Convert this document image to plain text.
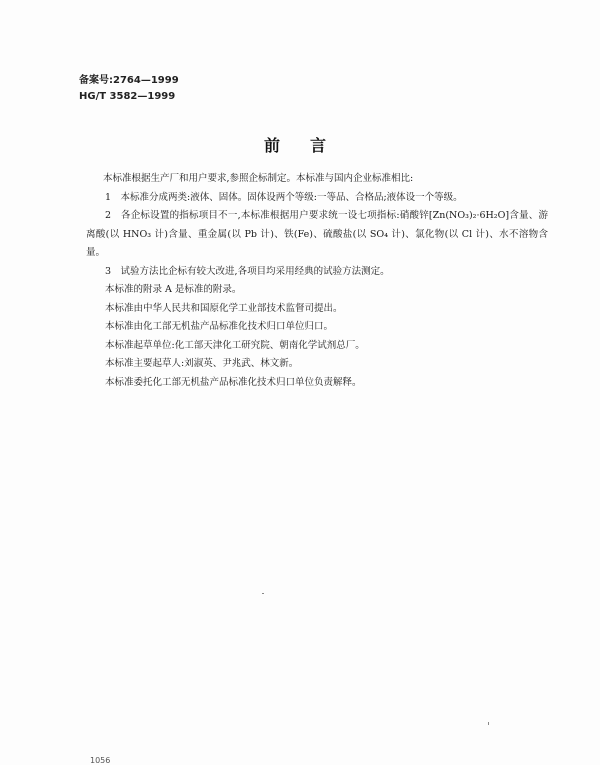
备案号:2764—1999
HG/T 3582—1999
前言

本标准根据生产厂和用户要求,参照企标制定。本标准与国内企业标准相比:

1　本标准分成两类:液体、固体。固体设两个等级:一等品、合格品;液体设一个等级。

2　各企标设置的指标项目不一,本标准根据用户要求统一设七项指标:硝酸锌[Zn(NO₃)₂·6H₂O]含量、游离酸(以 HNO₃ 计)含量、重金属(以 Pb 计)、铁(Fe)、硫酸盐(以 SO₄ 计)、氯化物(以 Cl 计)、水不溶物含量。

3　试验方法比企标有较大改进,各项目均采用经典的试验方法测定。

本标准的附录 A 是标准的附录。

本标准由中华人民共和国原化学工业部技术监督司提出。

本标准由化工部无机盐产品标准化技术归口单位归口。

本标准起草单位:化工部天津化工研究院、朝南化学试剂总厂。

本标准主要起草人:刘淑英、尹兆武、林文新。

本标准委托化工部无机盐产品标准化技术归口单位负责解释。

1056
